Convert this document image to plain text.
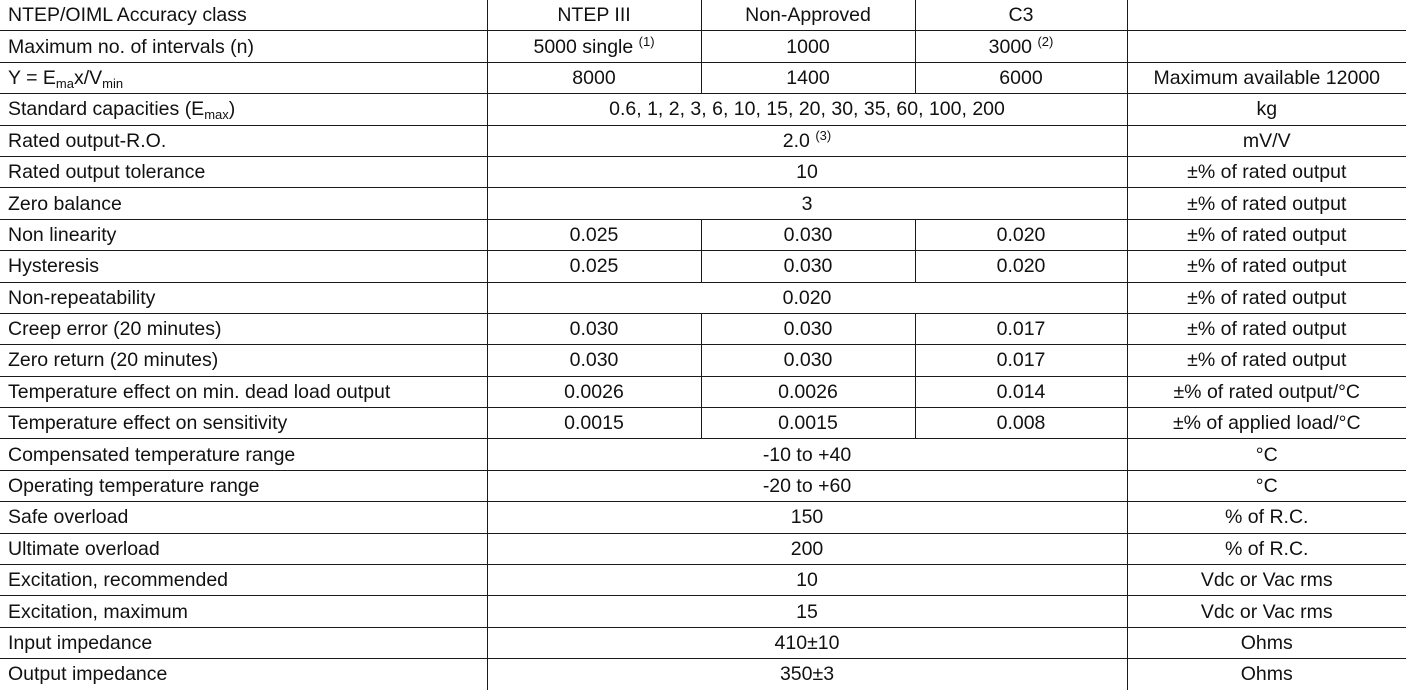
NTEP/OIML Accuracy class	NTEP III	Non-Approved	C3	
Maximum no. of intervals (n)	5000 single $^{(1)}$	1000	3000 $^{(2)}$	
$Y = E_{ma}x/V_{min}$	8000	1400	6000	Maximum available 12000
Standard capacities $(E_{max})$	0.6, 1, 2, 3, 6, 10, 15, 20, 30, 35, 60, 100, 200			kg
Rated output-R.O.	2.0 $^{(3)}$			mV/V
Rated output tolerance	10			±% of rated output
Zero balance	3			±% of rated output
Non linearity	0.025	0.030	0.020	±% of rated output
Hysteresis	0.025	0.030	0.020	±% of rated output
Non-repeatability	0.020			±% of rated output
Creep error (20 minutes)	0.030	0.030	0.017	±% of rated output
Zero return (20 minutes)	0.030	0.030	0.017	±% of rated output
Temperature effect on min. dead load output	0.0026	0.0026	0.014	±% of rated output/°C
Temperature effect on sensitivity	0.0015	0.0015	0.008	±% of applied load/°C
Compensated temperature range	-10 to +40			°C
Operating temperature range	-20 to +60			°C
Safe overload	150			% of R.C.
Ultimate overload	200			% of R.C.
Excitation, recommended	10			Vdc or Vac rms
Excitation, maximum	15			Vdc or Vac rms
Input impedance	410±10			Ohms
Output impedance	350±3			Ohms
